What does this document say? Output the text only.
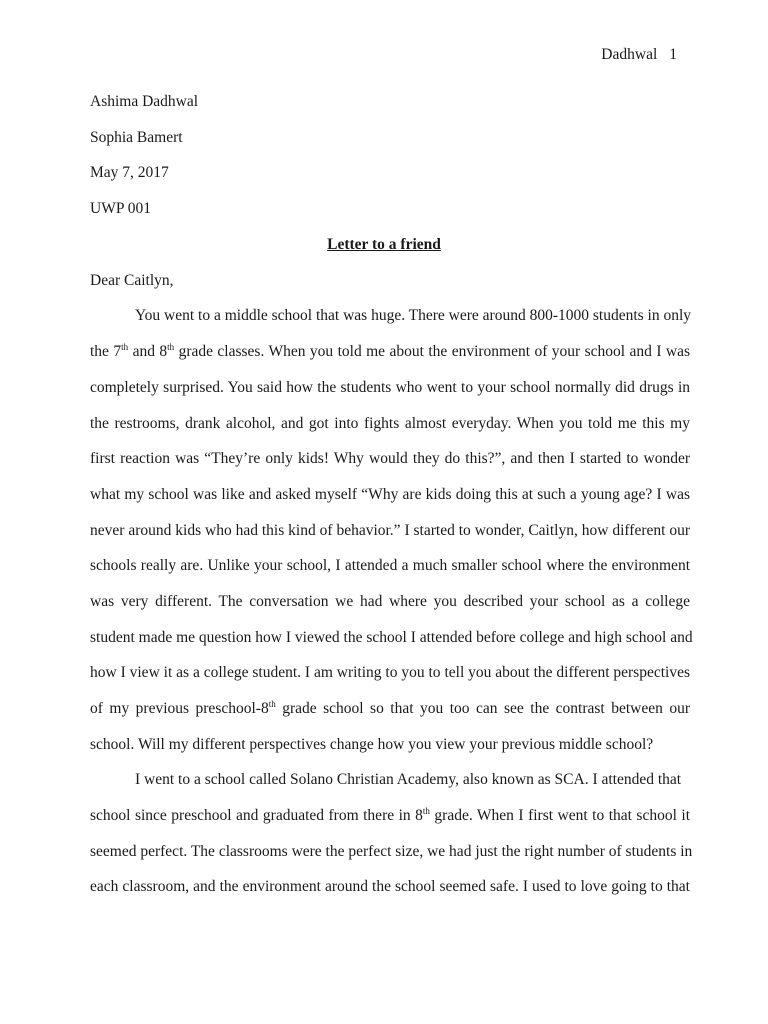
Dadhwal 1
Ashima Dadhwal
Sophia Bamert
May 7, 2017
UWP 001
Letter to a friend
Dear Caitlyn,
You went to a middle school that was huge. There were around 800-1000 students in only
the 7th and 8th grade classes. When you told me about the environment of your school and I was
completely surprised. You said how the students who went to your school normally did drugs in
the restrooms, drank alcohol, and got into fights almost everyday. When you told me this my
first reaction was “They’re only kids! Why would they do this?”, and then I started to wonder
what my school was like and asked myself “Why are kids doing this at such a young age? I was
never around kids who had this kind of behavior.” I started to wonder, Caitlyn, how different our
schools really are. Unlike your school, I attended a much smaller school where the environment
was very different. The conversation we had where you described your school as a college
student made me question how I viewed the school I attended before college and high school and
how I view it as a college student. I am writing to you to tell you about the different perspectives
of my previous preschool-8th grade school so that you too can see the contrast between our
school. Will my different perspectives change how you view your previous middle school?
I went to a school called Solano Christian Academy, also known as SCA. I attended that
school since preschool and graduated from there in 8th grade. When I first went to that school it
seemed perfect. The classrooms were the perfect size, we had just the right number of students in
each classroom, and the environment around the school seemed safe. I used to love going to that
